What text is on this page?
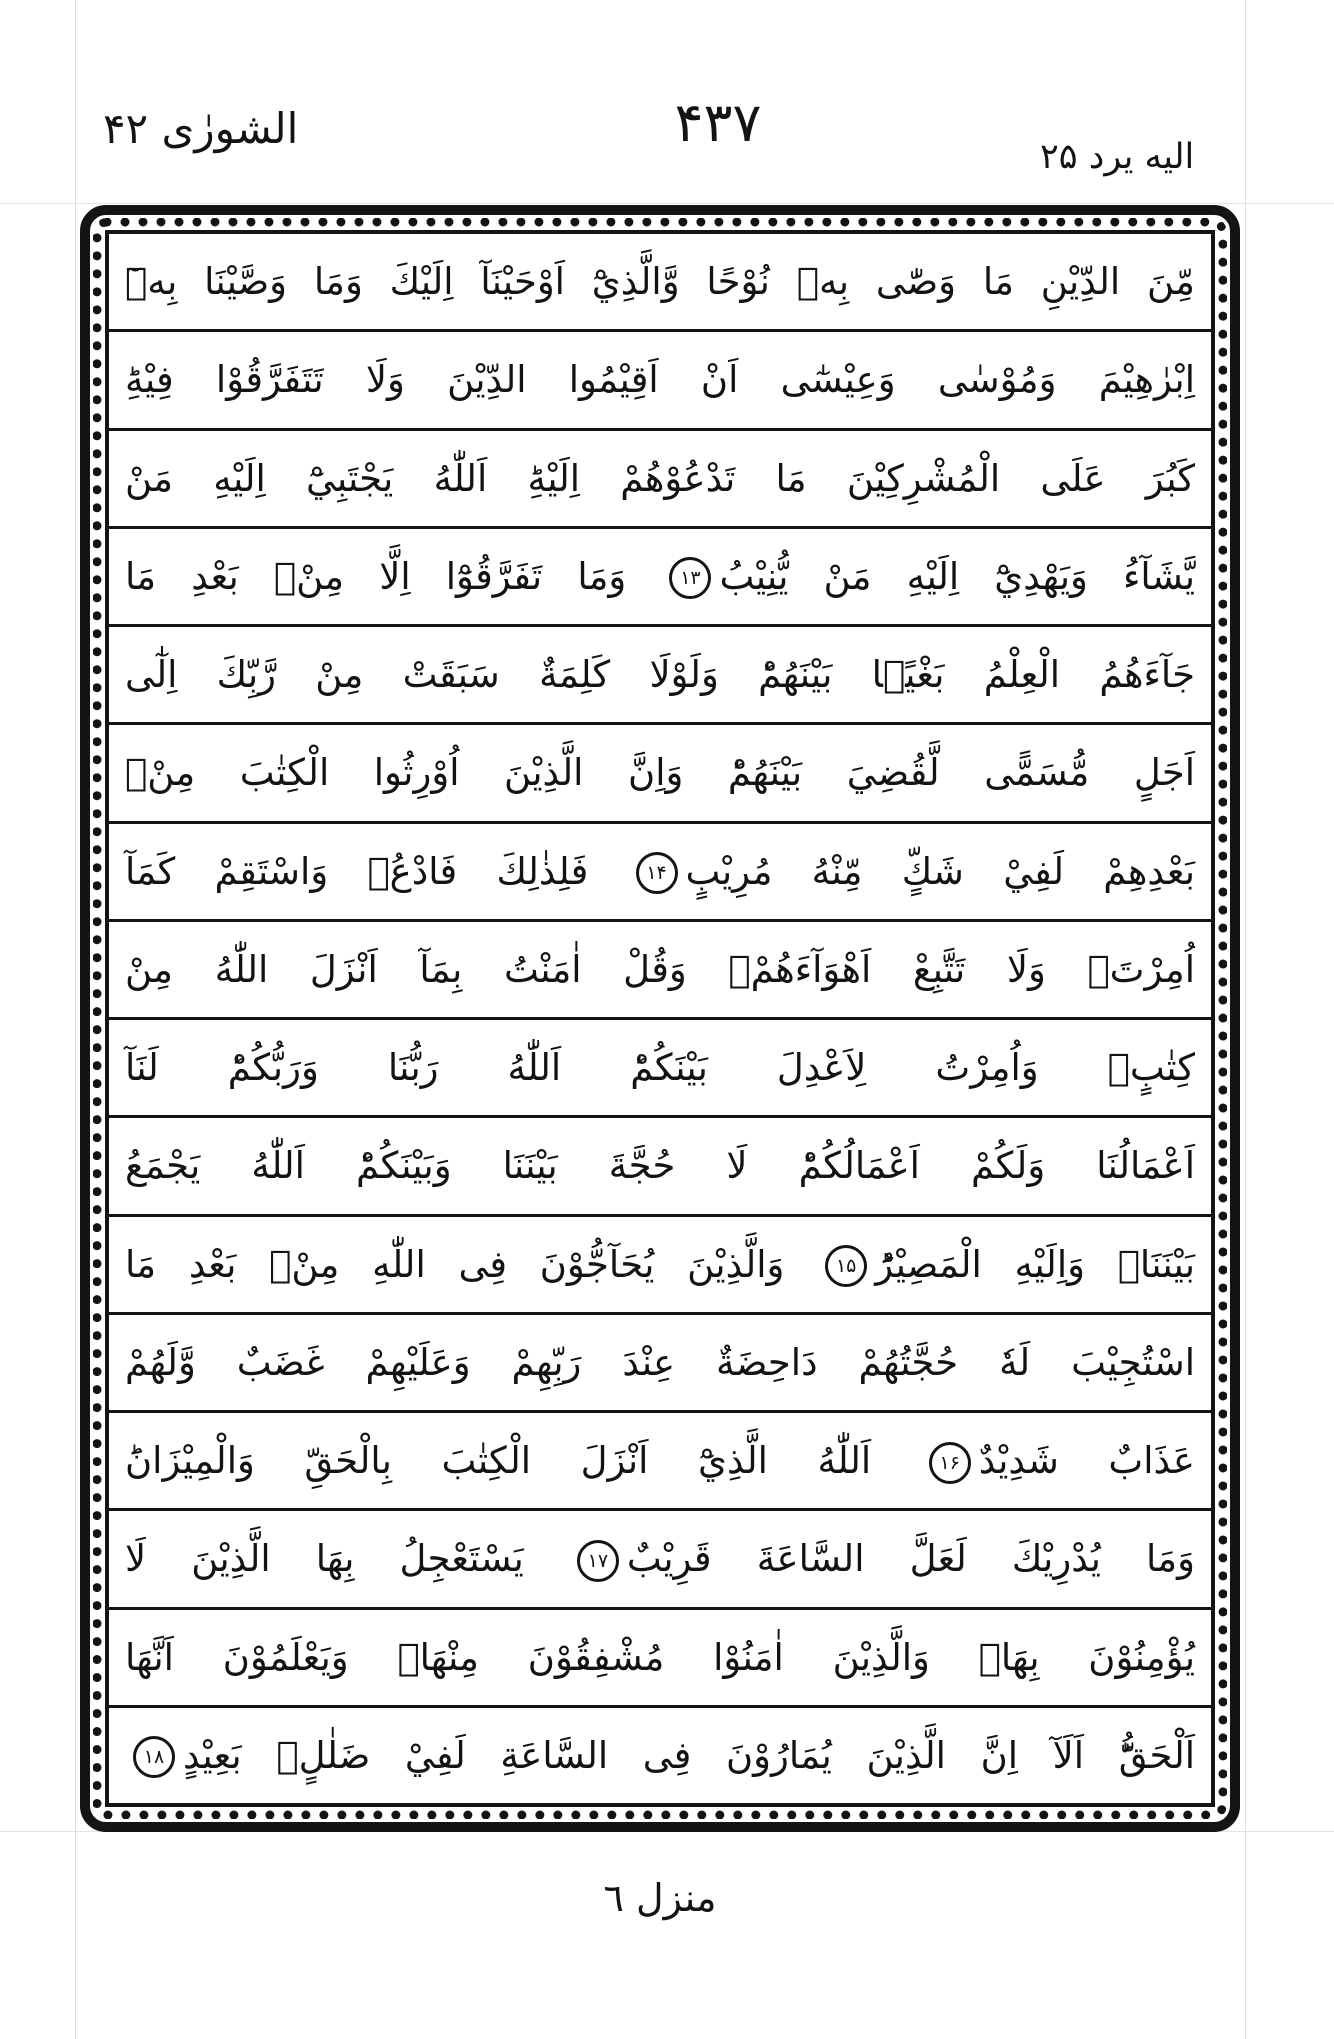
الشورٰى ۴۲	۴۳۷
اليه يرد ۲۵
مِّنَ الدِّيْنِ مَا وَصّٰى بِهٖ نُوْحًا وَّالَّذِيْٓ اَوْحَيْنَآ اِلَيْكَ وَمَا وَصَّيْنَا بِهٖٓ
اِبْرٰهِيْمَ وَمُوْسٰى وَعِيْسٰٓى اَنْ اَقِيْمُوا الدِّيْنَ وَلَا تَتَفَرَّقُوْا فِيْهِؕ
كَبُرَ عَلَى الْمُشْرِكِيْنَ مَا تَدْعُوْهُمْ اِلَيْهِؕ اَللّٰهُ يَجْتَبِيْٓ اِلَيْهِ مَنْ
يَّشَآءُ وَيَهْدِيْٓ اِلَيْهِ مَنْ يُّنِيْبُ۱۳ وَمَا تَفَرَّقُوْٓا اِلَّا مِنْۢ بَعْدِ مَا
جَآءَهُمُ الْعِلْمُ بَغْيًۢا بَيْنَهُمْؕ وَلَوْلَا كَلِمَةٌ سَبَقَتْ مِنْ رَّبِّكَ اِلٰٓى
اَجَلٍ مُّسَمًّى لَّقُضِيَ بَيْنَهُمْؕ وَاِنَّ الَّذِيْنَ اُوْرِثُوا الْكِتٰبَ مِنْۢ
بَعْدِهِمْ لَفِيْ شَكٍّ مِّنْهُ مُرِيْبٍ۱۴ فَلِذٰلِكَ فَادْعُۚ وَاسْتَقِمْ كَمَآ
اُمِرْتَۚ وَلَا تَتَّبِعْ اَهْوَآءَهُمْۚ وَقُلْ اٰمَنْتُ بِمَآ اَنْزَلَ اللّٰهُ مِنْ
كِتٰبٍۚ وَاُمِرْتُ لِاَعْدِلَ بَيْنَكُمْؕ اَللّٰهُ رَبُّنَا وَرَبُّكُمْؕ لَنَآ
اَعْمَالُنَا وَلَكُمْ اَعْمَالُكُمْؕ لَا حُجَّةَ بَيْنَنَا وَبَيْنَكُمْؕ اَللّٰهُ يَجْمَعُ
بَيْنَنَاۚ وَاِلَيْهِ الْمَصِيْرُؕ۱۵ وَالَّذِيْنَ يُحَآجُّوْنَ فِى اللّٰهِ مِنْۢ بَعْدِ مَا
اسْتُجِيْبَ لَهٗ حُجَّتُهُمْ دَاحِضَةٌ عِنْدَ رَبِّهِمْ وَعَلَيْهِمْ غَضَبٌ وَّلَهُمْ
عَذَابٌ شَدِيْدٌ۱۶ اَللّٰهُ الَّذِيْٓ اَنْزَلَ الْكِتٰبَ بِالْحَقِّ وَالْمِيْزَانَؕ
وَمَا يُدْرِيْكَ لَعَلَّ السَّاعَةَ قَرِيْبٌ۱۷ يَسْتَعْجِلُ بِهَا الَّذِيْنَ لَا
يُؤْمِنُوْنَ بِهَاۚ وَالَّذِيْنَ اٰمَنُوْا مُشْفِقُوْنَ مِنْهَاۙ وَيَعْلَمُوْنَ اَنَّهَا
اَلْحَقُّؕ اَلَآ اِنَّ الَّذِيْنَ يُمَارُوْنَ فِى السَّاعَةِ لَفِيْ ضَلٰلٍۭ بَعِيْدٍ۱۸
منزل ٦
